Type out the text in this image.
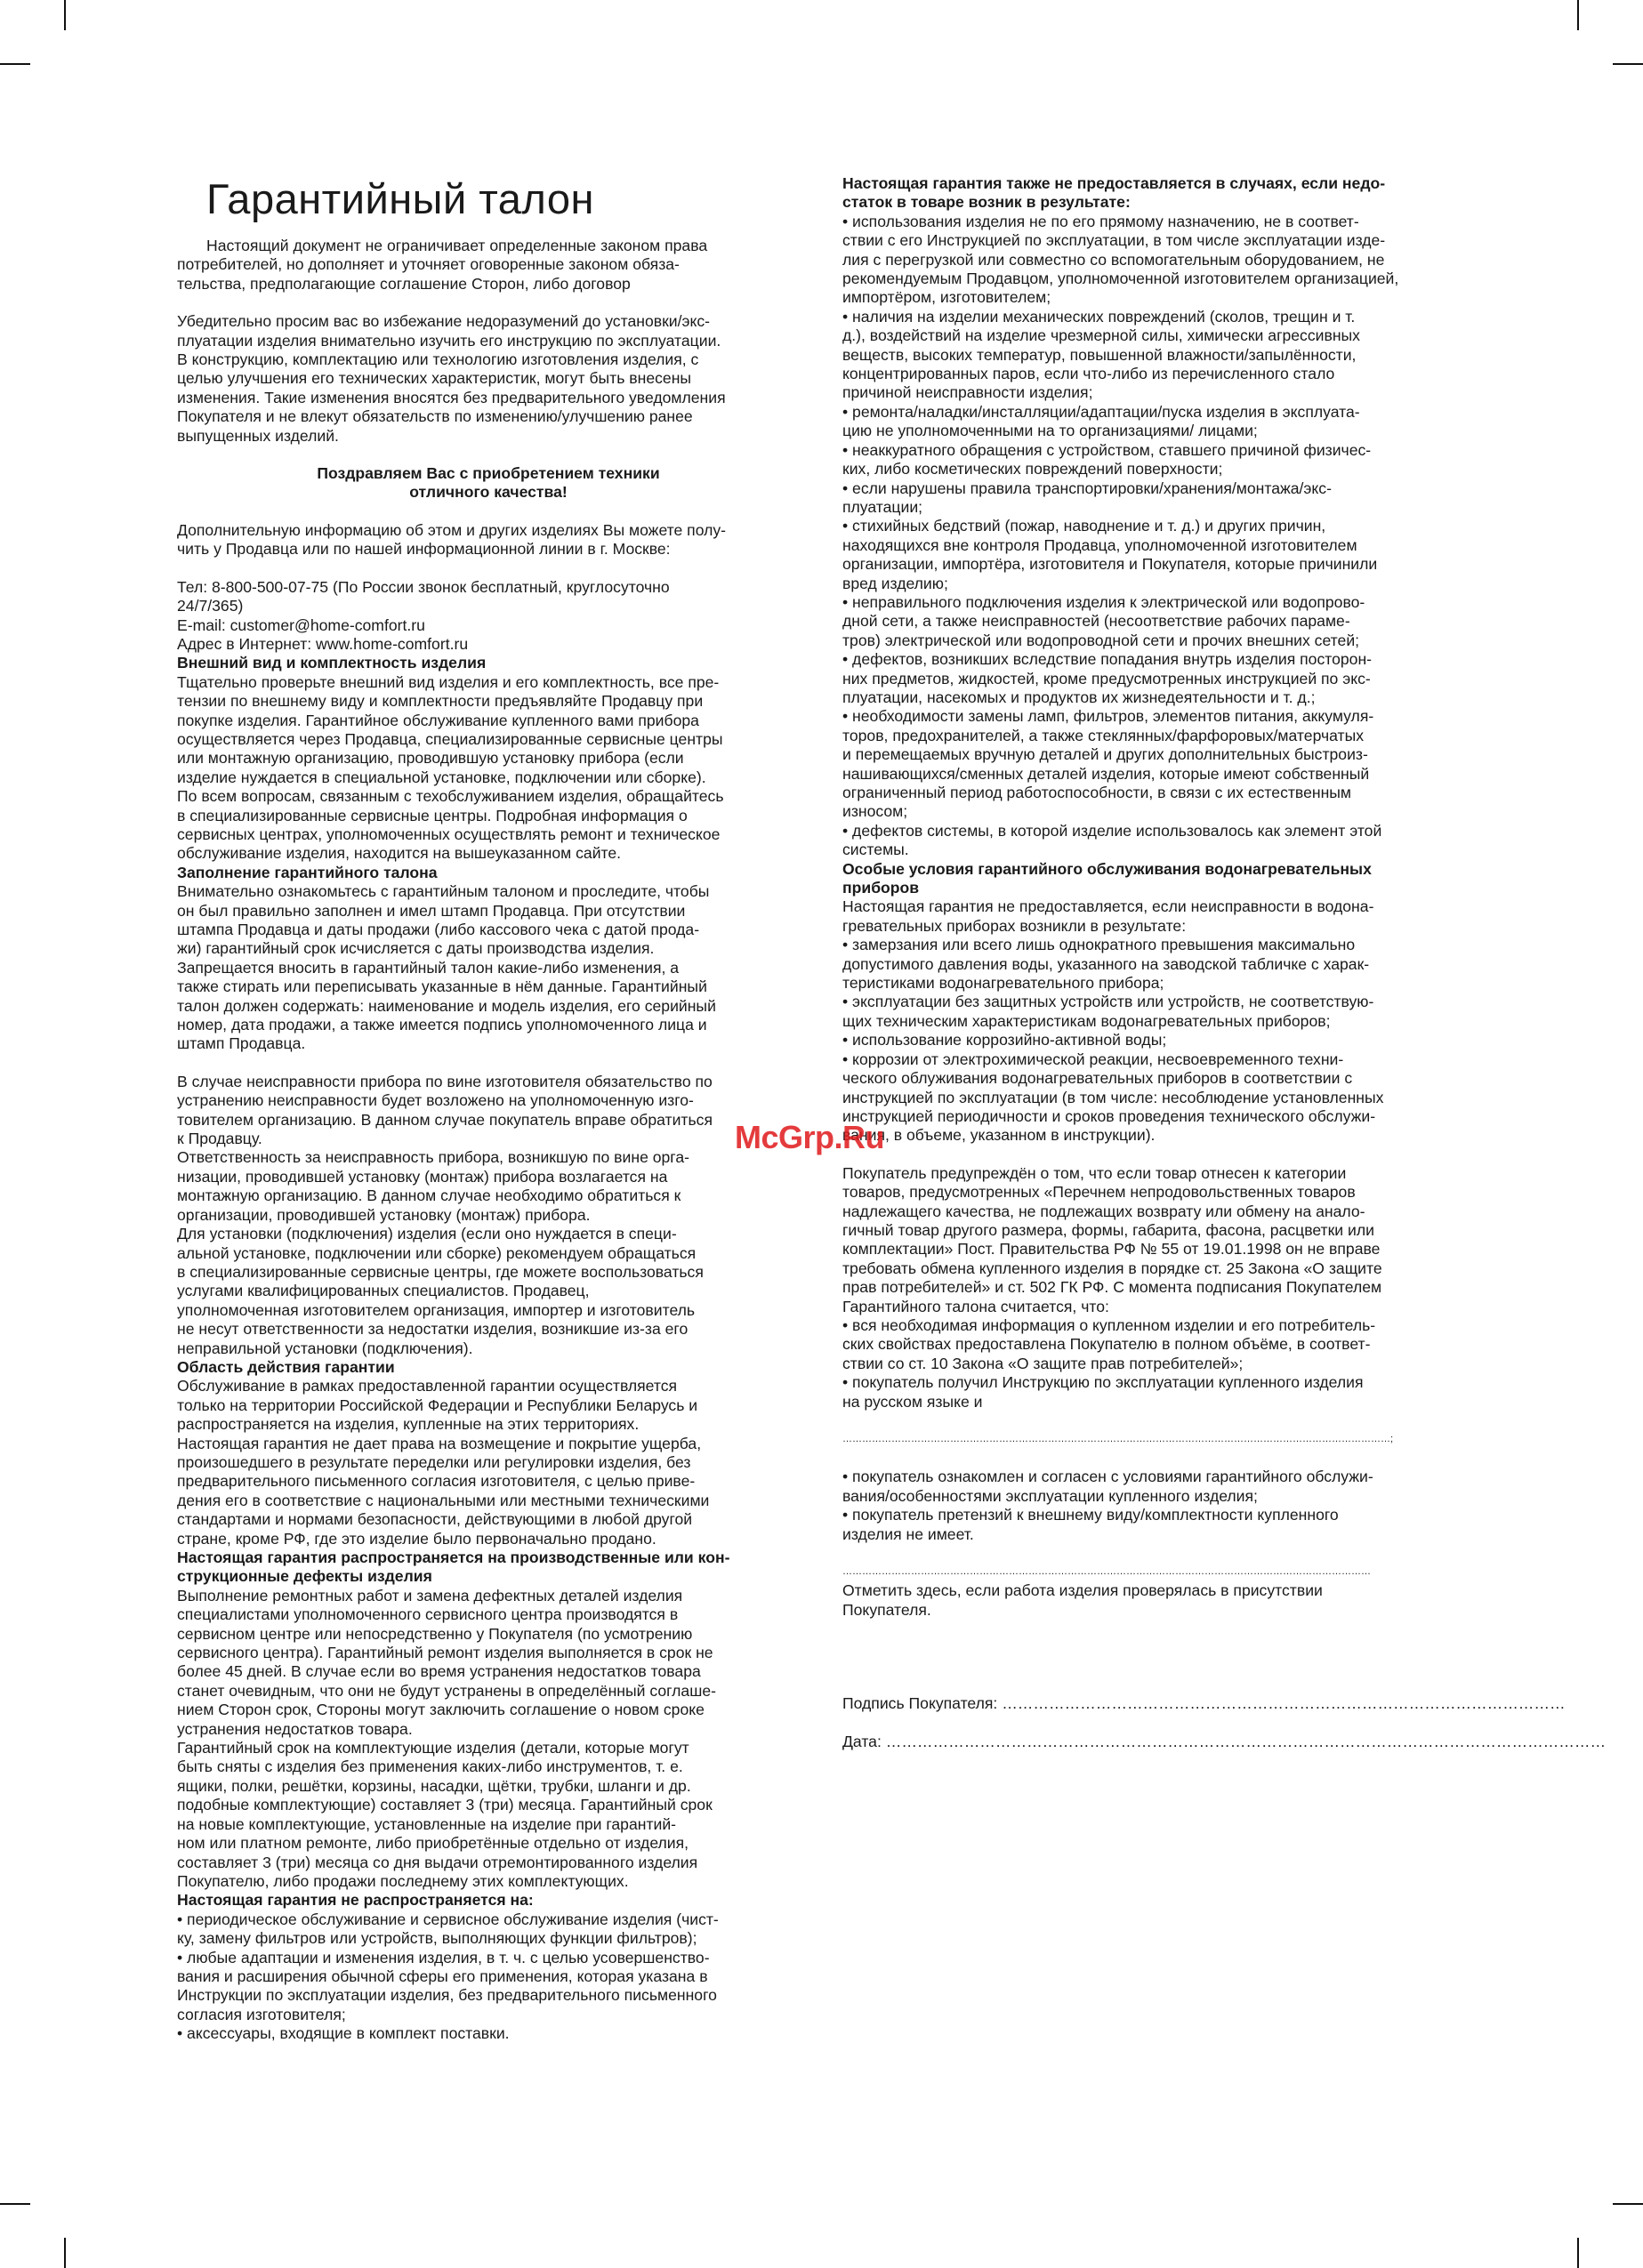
Гарантийный талон

Настоящий документ не ограничивает определенные законом права
потребителей, но дополняет и уточняет оговоренные законом обяза-
тельства, предполагающие соглашение Сторон, либо договор

Убедительно просим вас во избежание недоразумений до установки/экс-
плуатации изделия внимательно изучить его инструкцию по эксплуатации.
В конструкцию, комплектацию или технологию изготовления изделия, с
целью улучшения его технических характеристик, могут быть внесены
изменения. Такие изменения вносятся без предварительного уведомления
Покупателя и не влекут обязательств по изменению/улучшению ранее
выпущенных изделий.

Поздравляем Вас с приобретением техники
отличного качества!

Дополнительную информацию об этом и других изделиях Вы можете полу-
чить у Продавца или по нашей информационной линии в г. Москве:

Тел: 8-800-500-07-75 (По России звонок бесплатный, круглосуточно
24/7/365)
E-mail: customer@home-comfort.ru
Адрес в Интернет: www.home-comfort.ru

Внешний вид и комплектность изделия

Тщательно проверьте внешний вид изделия и его комплектность, все пре-
тензии по внешнему виду и комплектности предъявляйте Продавцу при
покупке изделия. Гарантийное обслуживание купленного вами прибора
осуществляется через Продавца, специализированные сервисные центры
или монтажную организацию, проводившую установку прибора (если
изделие нуждается в специальной установке, подключении или сборке).
По всем вопросам, связанным с техобслуживанием изделия, обращайтесь
в специализированные сервисные центры. Подробная информация о
сервисных центрах, уполномоченных осуществлять ремонт и техническое
обслуживание изделия, находится на вышеуказанном сайте.

Заполнение гарантийного талона

Внимательно ознакомьтесь с гарантийным талоном и проследите, чтобы
он был правильно заполнен и имел штамп Продавца. При отсутствии
штампа Продавца и даты продажи (либо кассового чека с датой прода-
жи) гарантийный срок исчисляется с даты производства изделия.
Запрещается вносить в гарантийный талон какие-либо изменения, а
также стирать или переписывать указанные в нём данные. Гарантийный
талон должен содержать: наименование и модель изделия, его серийный
номер, дата продажи, а также имеется подпись уполномоченного лица и
штамп Продавца.

В случае неисправности прибора по вине изготовителя обязательство по
устранению неисправности будет возложено на уполномоченную изго-
товителем организацию. В данном случае покупатель вправе обратиться
к Продавцу.
Ответственность за неисправность прибора, возникшую по вине орга-
низации, проводившей установку (монтаж) прибора возлагается на
монтажную организацию. В данном случае необходимо обратиться к
организации, проводившей установку (монтаж) прибора.
Для установки (подключения) изделия (если оно нуждается в специ-
альной установке, подключении или сборке) рекомендуем обращаться
в специализированные сервисные центры, где можете воспользоваться
услугами квалифицированных специалистов. Продавец,
уполномоченная изготовителем организация, импортер и изготовитель
не несут ответственности за недостатки изделия, возникшие из-за его
неправильной установки (подключения).

Область действия гарантии

Обслуживание в рамках предоставленной гарантии осуществляется
только на территории Российской Федерации и Республики Беларусь и
распространяется на изделия, купленные на этих территориях.
Настоящая гарантия не дает права на возмещение и покрытие ущерба,
произошедшего в результате переделки или регулировки изделия, без
предварительного письменного согласия изготовителя, с целью приве-
дения его в соответствие с национальными или местными техническими
стандартами и нормами безопасности, действующими в любой другой
стране, кроме РФ, где это изделие было первоначально продано.

Настоящая гарантия распространяется на производственные или кон-
струкционные дефекты изделия

Выполнение ремонтных работ и замена дефектных деталей изделия
специалистами уполномоченного сервисного центра производятся в
сервисном центре или непосредственно у Покупателя (по усмотрению
сервисного центра). Гарантийный ремонт изделия выполняется в срок не
более 45 дней. В случае если во время устранения недостатков товара
станет очевидным, что они не будут устранены в определённый соглаше-
нием Сторон срок, Стороны могут заключить соглашение о новом сроке
устранения недостатков товара.
Гарантийный срок на комплектующие изделия (детали, которые могут
быть сняты с изделия без применения каких-либо инструментов, т. е.
ящики, полки, решётки, корзины, насадки, щётки, трубки, шланги и др.
подобные комплектующие) составляет 3 (три) месяца. Гарантийный срок
на новые комплектующие, установленные на изделие при гарантий-
ном или платном ремонте, либо приобретённые отдельно от изделия,
составляет 3 (три) месяца со дня выдачи отремонтированного изделия
Покупателю, либо продажи последнему этих комплектующих.

Настоящая гарантия не распространяется на:

• периодическое обслуживание и сервисное обслуживание изделия (чист-
ку, замену фильтров или устройств, выполняющих функции фильтров);
• любые адаптации и изменения изделия, в т. ч. с целью усовершенство-
вания и расширения обычной сферы его применения, которая указана в
Инструкции по эксплуатации изделия, без предварительного письменного
согласия изготовителя;
• аксессуары, входящие в комплект поставки.

Настоящая гарантия также не предоставляется в случаях, если недо-
статок в товаре возник в результате:

• использования изделия не по его прямому назначению, не в соответ-
ствии с его Инструкцией по эксплуатации, в том числе эксплуатации изде-
лия с перегрузкой или совместно со вспомогательным оборудованием, не
рекомендуемым Продавцом, уполномоченной изготовителем организацией,
импортёром, изготовителем;
• наличия на изделии механических повреждений (сколов, трещин и т.
д.), воздействий на изделие чрезмерной силы, химически агрессивных
веществ, высоких температур, повышенной влажности/запылённости,
концентрированных паров, если что-либо из перечисленного стало
причиной неисправности изделия;
• ремонта/наладки/инсталляции/адаптации/пуска изделия в эксплуата-
цию не уполномоченными на то организациями/ лицами;
• неаккуратного обращения с устройством, ставшего причиной физичес-
ких, либо косметических повреждений поверхности;
• если нарушены правила транспортировки/хранения/монтажа/экс-
плуатации;
• стихийных бедствий (пожар, наводнение и т. д.) и других причин,
находящихся вне контроля Продавца, уполномоченной изготовителем
организации, импортёра, изготовителя и Покупателя, которые причинили
вред изделию;
• неправильного подключения изделия к электрической или водопрово-
дной сети, а также неисправностей (несоответствие рабочих параме-
тров) электрической или водопроводной сети и прочих внешних сетей;
• дефектов, возникших вследствие попадания внутрь изделия посторон-
них предметов, жидкостей, кроме предусмотренных инструкцией по экс-
плуатации, насекомых и продуктов их жизнедеятельности и т. д.;
• необходимости замены ламп, фильтров, элементов питания, аккумуля-
торов, предохранителей, а также стеклянных/фарфоровых/матерчатых
и перемещаемых вручную деталей и других дополнительных быстроиз-
нашивающихся/сменных деталей изделия, которые имеют собственный
ограниченный период работоспособности, в связи с их естественным
износом;
• дефектов системы, в которой изделие использовалось как элемент этой
системы.

Особые условия гарантийного обслуживания водонагревательных
приборов

Настоящая гарантия не предоставляется, если неисправности в водона-
гревательных приборах возникли в результате:
• замерзания или всего лишь однократного превышения максимально
допустимого давления воды, указанного на заводской табличке с харак-
теристиками водонагревательного прибора;
• эксплуатации без защитных устройств или устройств, не соответствую-
щих техническим характеристикам водонагревательных приборов;
• использование коррозийно-активной воды;
• коррозии от электрохимической реакции, несвоевременного техни-
ческого облуживания водонагревательных приборов в соответствии с
инструкцией по эксплуатации (в том числе: несоблюдение установленных
инструкцией периодичности и сроков проведения технического обслужи-
вания, в объеме, указанном в инструкции).

Покупатель предупреждён о том, что если товар отнесен к категории
товаров, предусмотренных «Перечнем непродовольственных товаров
надлежащего качества, не подлежащих возврату или обмену на анало-
гичный товар другого размера, формы, габарита, фасона, расцветки или
комплектации» Пост. Правительства РФ № 55 от 19.01.1998 он не вправе
требовать обмена купленного изделия в порядке ст. 25 Закона «О защите
прав потребителей» и ст. 502 ГК РФ. С момента подписания Покупателем
Гарантийного талона считается, что:
• вся необходимая информация о купленном изделии и его потребитель-
ских свойствах предоставлена Покупателю в полном объёме, в соответ-
ствии со ст. 10 Закона «О защите прав потребителей»;
• покупатель получил Инструкцию по эксплуатации купленного изделия
на русском языке и

……………………………………………………………………………………………………………………………………………………;

• покупатель ознакомлен и согласен с условиями гарантийного обслужи-
вания/особенностями эксплуатации купленного изделия;
• покупатель претензий к внешнему виду/комплектности купленного
изделия не имеет.

………………………………………………………………………………………………………………………………………………

Отметить здесь, если работа изделия проверялась в присутствии
Покупателя.

Подпись Покупателя: ………………………………………………………………………………………………

Дата: …………………………………………………………………………………………………………………………

McGrp.Ru
